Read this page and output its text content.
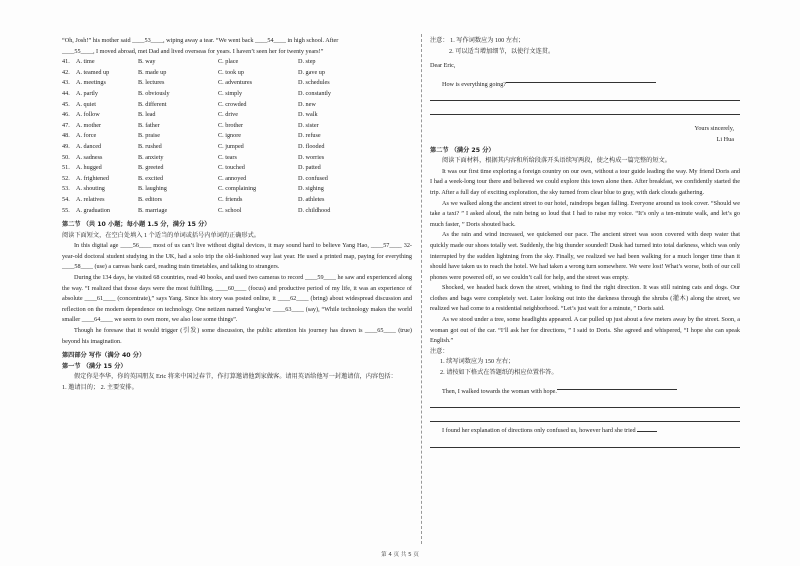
“Oh, Josh!” his mother said ____53____, wiping away a tear. “We went back ____54____ in high school. After

____55____, I moved abroad, met Dad and lived overseas for years. I haven’t seen her for twenty years!”

41.	A. time	B. way	C. place	D. step
42.	A. teamed up	B. made up	C. took up	D. gave up
43.	A. meetings	B. lectures	C. adventures	D. schedules
44.	A. partly	B. obviously	C. simply	D. constantly
45.	A. quiet	B. different	C. crowded	D. new
46.	A. follow	B. lead	C. drive	D. walk
47.	A. mother	B. father	C. brother	D. sister
48.	A. force	B. praise	C. ignore	D. refuse
49.	A. danced	B. rushed	C. jumped	D. flooded
50.	A. sadness	B. anxiety	C. tears	D. worries
51.	A. hugged	B. greeted	C. touched	D. patted
52.	A. frightened	B. excited	C. annoyed	D. confused
53.	A. shouting	B. laughing	C. complaining	D. sighing
54.	A. relatives	B. editors	C. friends	D. athletes
55.	A. graduation	B. marriage	C. school	D. childhood

第二节 （共 10 小题；每小题 1.5 分，满分 15 分）

阅读下面短文，在空白处填入 1 个适当的单词或括号内单词的正确形式。

In this digital age ____56____ most of us can’t live without digital devices, it may sound hard to believe Yang Hao, ____57____ 32-year-old doctoral student studying in the UK, had a solo trip the old-fashioned way last year. He used a printed map, paying for everything ____58____ (use) a canvas bank card, reading train timetables, and talking to strangers.

During the 134 days, he visited 68 countries, read 40 books, and used two cameras to record ____59____ he saw and experienced along the way. “I realized that those days were the most fulfilling, ____60____ (focus) and productive period of my life, it was an experience of absolute ____61____ (concentrate),” says Yang. Since his story was posted online, it ____62____ (bring) about widespread discussion and reflection on the modern dependence on technology. One netizen named Yangbu’er ____63____ (say), “While technology makes the world smaller ____64____ we seem to own more, we also lose some things”.

Though he foresaw that it would trigger (引发) some discussion, the public attention his journey has drawn is ____65____ (true) beyond his imagination.

第四部分 写作（满分 40 分）

第一节 （满分 15 分）

假定你是李华，你的英国朋友 Eric 将来中国过春节，作打算邀请他到家做客。请用英语给他写一封邀请信，内容包括：

1. 邀请目的； 2. 主要安排。

注意： 1. 写作词数应为 100 左右；

2. 可以适当增加细节，以使行文连贯。

Dear Eric,

How is everything going?

Yours sincerely,

Li Hua

第二节 （满分 25 分）

阅读下面材料，根据其内容和所给段落开头语续写两段，使之构成一篇完整的短文。

It was our first time exploring a foreign country on our own, without a tour guide leading the way. My friend Doris and I had a week-long tour there and believed we could explore this town alone then. After breakfast, we confidently started the trip. After a full day of exciting exploration, the sky turned from clear blue to gray, with dark clouds gathering.

As we walked along the ancient street to our hotel, raindrops began falling. Everyone around us took cover. “Should we take a taxi? ” I asked aloud, the rain being so loud that I had to raise my voice. “It’s only a ten-minute walk, and let’s go much faster, ” Doris shouted back.

As the rain and wind increased, we quickened our pace. The ancient street was soon covered with deep water that quickly made our shoes totally wet. Suddenly, the big thunder sounded! Dusk had turned into total darkness, which was only interrupted by the sudden lightning from the sky. Finally, we realized we had been walking for a much longer time than it should have taken us to reach the hotel. We had taken a wrong turn somewhere. We were lost! What’s worse, both of our cell phones were powered off, so we couldn’t call for help, and the street was empty.

Shocked, we headed back down the street, wishing to find the right direction. It was still raining cats and dogs. Our clothes and bags were completely wet. Later looking out into the darkness through the shrubs (灌木) along the street, we realized we had come to a residential neighborhood. “Let’s just wait for a minute, ” Doris said.

As we stood under a tree, some headlights appeared. A car pulled up just about a few meters away by the street. Soon, a woman got out of the car. “I’ll ask her for directions, ” I said to Doris. She agreed and whispered, “I hope she can speak English.”

注意：

1. 续写词数应为 150 左右；

2. 请按如下格式在答题纸的相应位置作答。

Then, I walked towards the woman with hope.

I found her explanation of directions only confused us, however hard she tried

第 4 页 共 5 页
